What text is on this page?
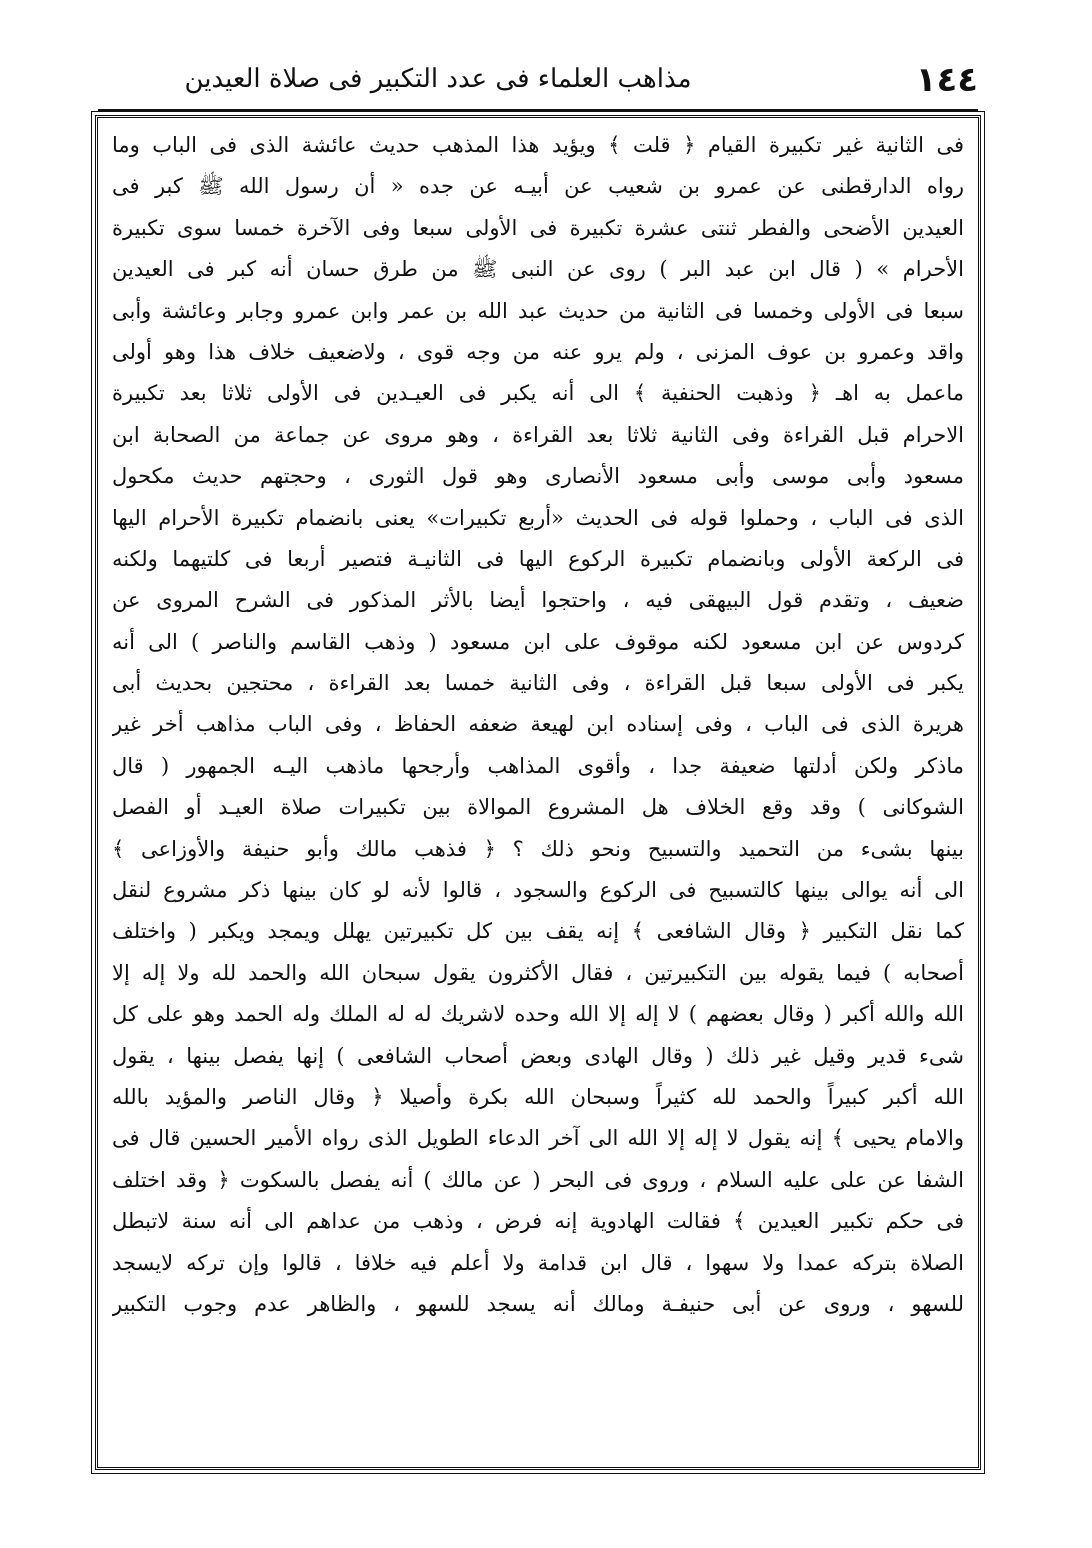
١٤٤
مذاهب العلماء فى عدد التكبير فى صلاة العيدين
فى الثانية غير تكبيرة القيام ﴿ قلت ﴾ ويؤيد هذا المذهب حديث عائشة الذى فى الباب وما
رواه الدارقطنى عن عمرو بن شعيب عن أبيـه عن جده « أن رسول الله ﷺ كبر فى
العيدين الأضحى والفطر ثنتى عشرة تكبيرة فى الأولى سبعا وفى الآخرة خمسا سوى تكبيرة
الأحرام » ( قال ابن عبد البر ) روى عن النبى ﷺ من طرق حسان أنه كبر فى العيدين
سبعا فى الأولى وخمسا فى الثانية من حديث عبد الله بن عمر وابن عمرو وجابر وعائشة وأبى
واقد وعمرو بن عوف المزنى ، ولم يرو عنه من وجه قوى ، ولاضعيف خلاف هذا وهو أولى
ماعمل به اهـ ﴿ وذهبت الحنفية ﴾ الى أنه يكبر فى العيـدين فى الأولى ثلاثا بعد تكبيرة
الاحرام قبل القراءة وفى الثانية ثلاثا بعد القراءة ، وهو مروى عن جماعة من الصحابة ابن
مسعود وأبى موسى وأبى مسعود الأنصارى وهو قول الثورى ، وحجتهم حديث مكحول
الذى فى الباب ، وحملوا قوله فى الحديث «أربع تكبيرات» يعنى بانضمام تكبيرة الأحرام اليها
فى الركعة الأولى وبانضمام تكبيرة الركوع اليها فى الثانيـة فتصير أربعا فى كلتيهما ولكنه
ضعيف ، وتقدم قول البيهقى فيه ، واحتجوا أيضا بالأثر المذكور فى الشرح المروى عن
كردوس عن ابن مسعود لكنه موقوف على ابن مسعود ( وذهب القاسم والناصر ) الى أنه
يكبر فى الأولى سبعا قبل القراءة ، وفى الثانية خمسا بعد القراءة ، محتجين بحديث أبى
هريرة الذى فى الباب ، وفى إسناده ابن لهيعة ضعفه الحفاظ ، وفى الباب مذاهب أخر غير
ماذكر ولكن أدلتها ضعيفة جدا ، وأقوى المذاهب وأرجحها ماذهب اليـه الجمهور ( قال
الشوكانى ) وقد وقع الخلاف هل المشروع الموالاة بين تكبيرات صلاة العيـد أو الفصل
بينها بشىء من التحميد والتسبيح ونحو ذلك ؟ ﴿ فذهب مالك وأبو حنيفة والأوزاعى ﴾
الى أنه يوالى بينها كالتسبيح فى الركوع والسجود ، قالوا لأنه لو كان بينها ذكر مشروع لنقل
كما نقل التكبير ﴿ وقال الشافعى ﴾ إنه يقف بين كل تكبيرتين يهلل ويمجد ويكبر ( واختلف
أصحابه ) فيما يقوله بين التكبيرتين ، فقال الأكثرون يقول سبحان الله والحمد لله ولا إله إلا
الله والله أكبر ( وقال بعضهم ) لا إله إلا الله وحده لاشريك له له الملك وله الحمد وهو على كل
شىء قدير وقيل غير ذلك ( وقال الهادى وبعض أصحاب الشافعى ) إنها يفصل بينها ، يقول
الله أكبر كبيراً والحمد لله كثيراً وسبحان الله بكرة وأصيلا ﴿ وقال الناصر والمؤيد بالله
والامام يحيى ﴾ إنه يقول لا إله إلا الله الى آخر الدعاء الطويل الذى رواه الأمير الحسين قال فى
الشفا عن على عليه السلام ، وروى فى البحر ( عن مالك ) أنه يفصل بالسكوت ﴿ وقد اختلف
فى حكم تكبير العيدين ﴾ فقالت الهادوية إنه فرض ، وذهب من عداهم الى أنه سنة لاتبطل
الصلاة بتركه عمدا ولا سهوا ، قال ابن قدامة ولا أعلم فيه خلافا ، قالوا وإن تركه لايسجد
للسهو ، وروى عن أبى حنيفـة ومالك أنه يسجد للسهو ، والظاهر عدم وجوب التكبير
